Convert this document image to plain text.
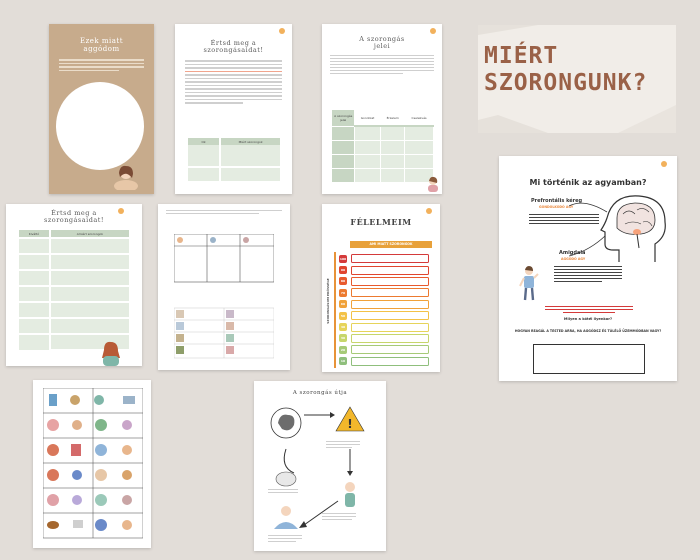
Ezek miatt
aggódom
Értsd meg a
szorongásaidat!
Ok	Miért szorongok

A szorongás
jelei
A szorongás jelei	Gondolat	Érzelem	Cselekvés

MIÉRT
SZORONGUNK?
Értsd meg a
szorongásaidat!
Kiváltó	Amiért szorongok

FÉLELMEIM
AMI MIATT SZORONGOK
SZORONGÁSOM ERŐSSÉGE
100
90
80
70
60
50
40
30
20
10
Mi történik az agyamban?
Prefrontális kéreg
GONDOLKODÓ AGY
Amigdala
AGGÓDÓ AGY
Milyen a kötél ilyenkor?
HOGYAN REAGÁL A TESTED ARRA, HA AGGÓDSZ ÉS TÚLÉLŐ ÜZEMMÓDBAN VAGY?
A szorongás útja
!
